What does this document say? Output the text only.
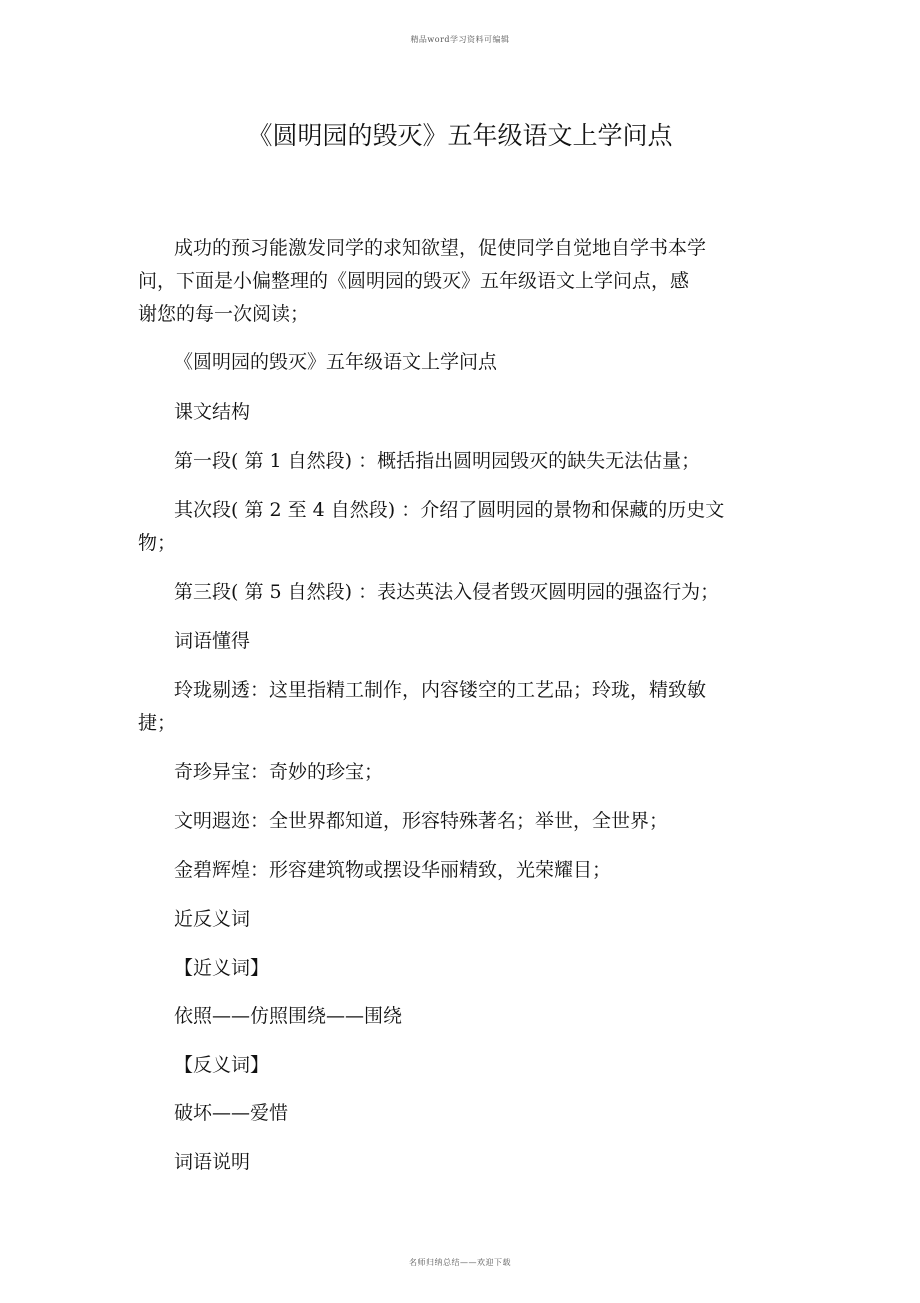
精品word学习资料可编辑
《圆明园的毁灭》五年级语文上学问点
成功的预习能激发同学的求知欲望，促使同学自觉地自学书本学
问，下面是小偏整理的《圆明园的毁灭》五年级语文上学问点，感
谢您的每一次阅读；
《圆明园的毁灭》五年级语文上学问点
课文结构
第一段( 第 1 自然段) ：概括指出圆明园毁灭的缺失无法估量；
其次段( 第 2 至 4 自然段) ：介绍了圆明园的景物和保藏的历史文
物；
第三段( 第 5 自然段) ：表达英法入侵者毁灭圆明园的强盗行为；
词语懂得
玲珑剔透：这里指精工制作，内容镂空的工艺品；玲珑，精致敏
捷；
奇珍异宝：奇妙的珍宝；
文明遐迩：全世界都知道，形容特殊著名；举世，全世界；
金碧辉煌：形容建筑物或摆设华丽精致，光荣耀目；
近反义词
【近义词】
依照——仿照围绕——围绕
【反义词】
破坏——爱惜
词语说明
名师归纳总结——欢迎下载
